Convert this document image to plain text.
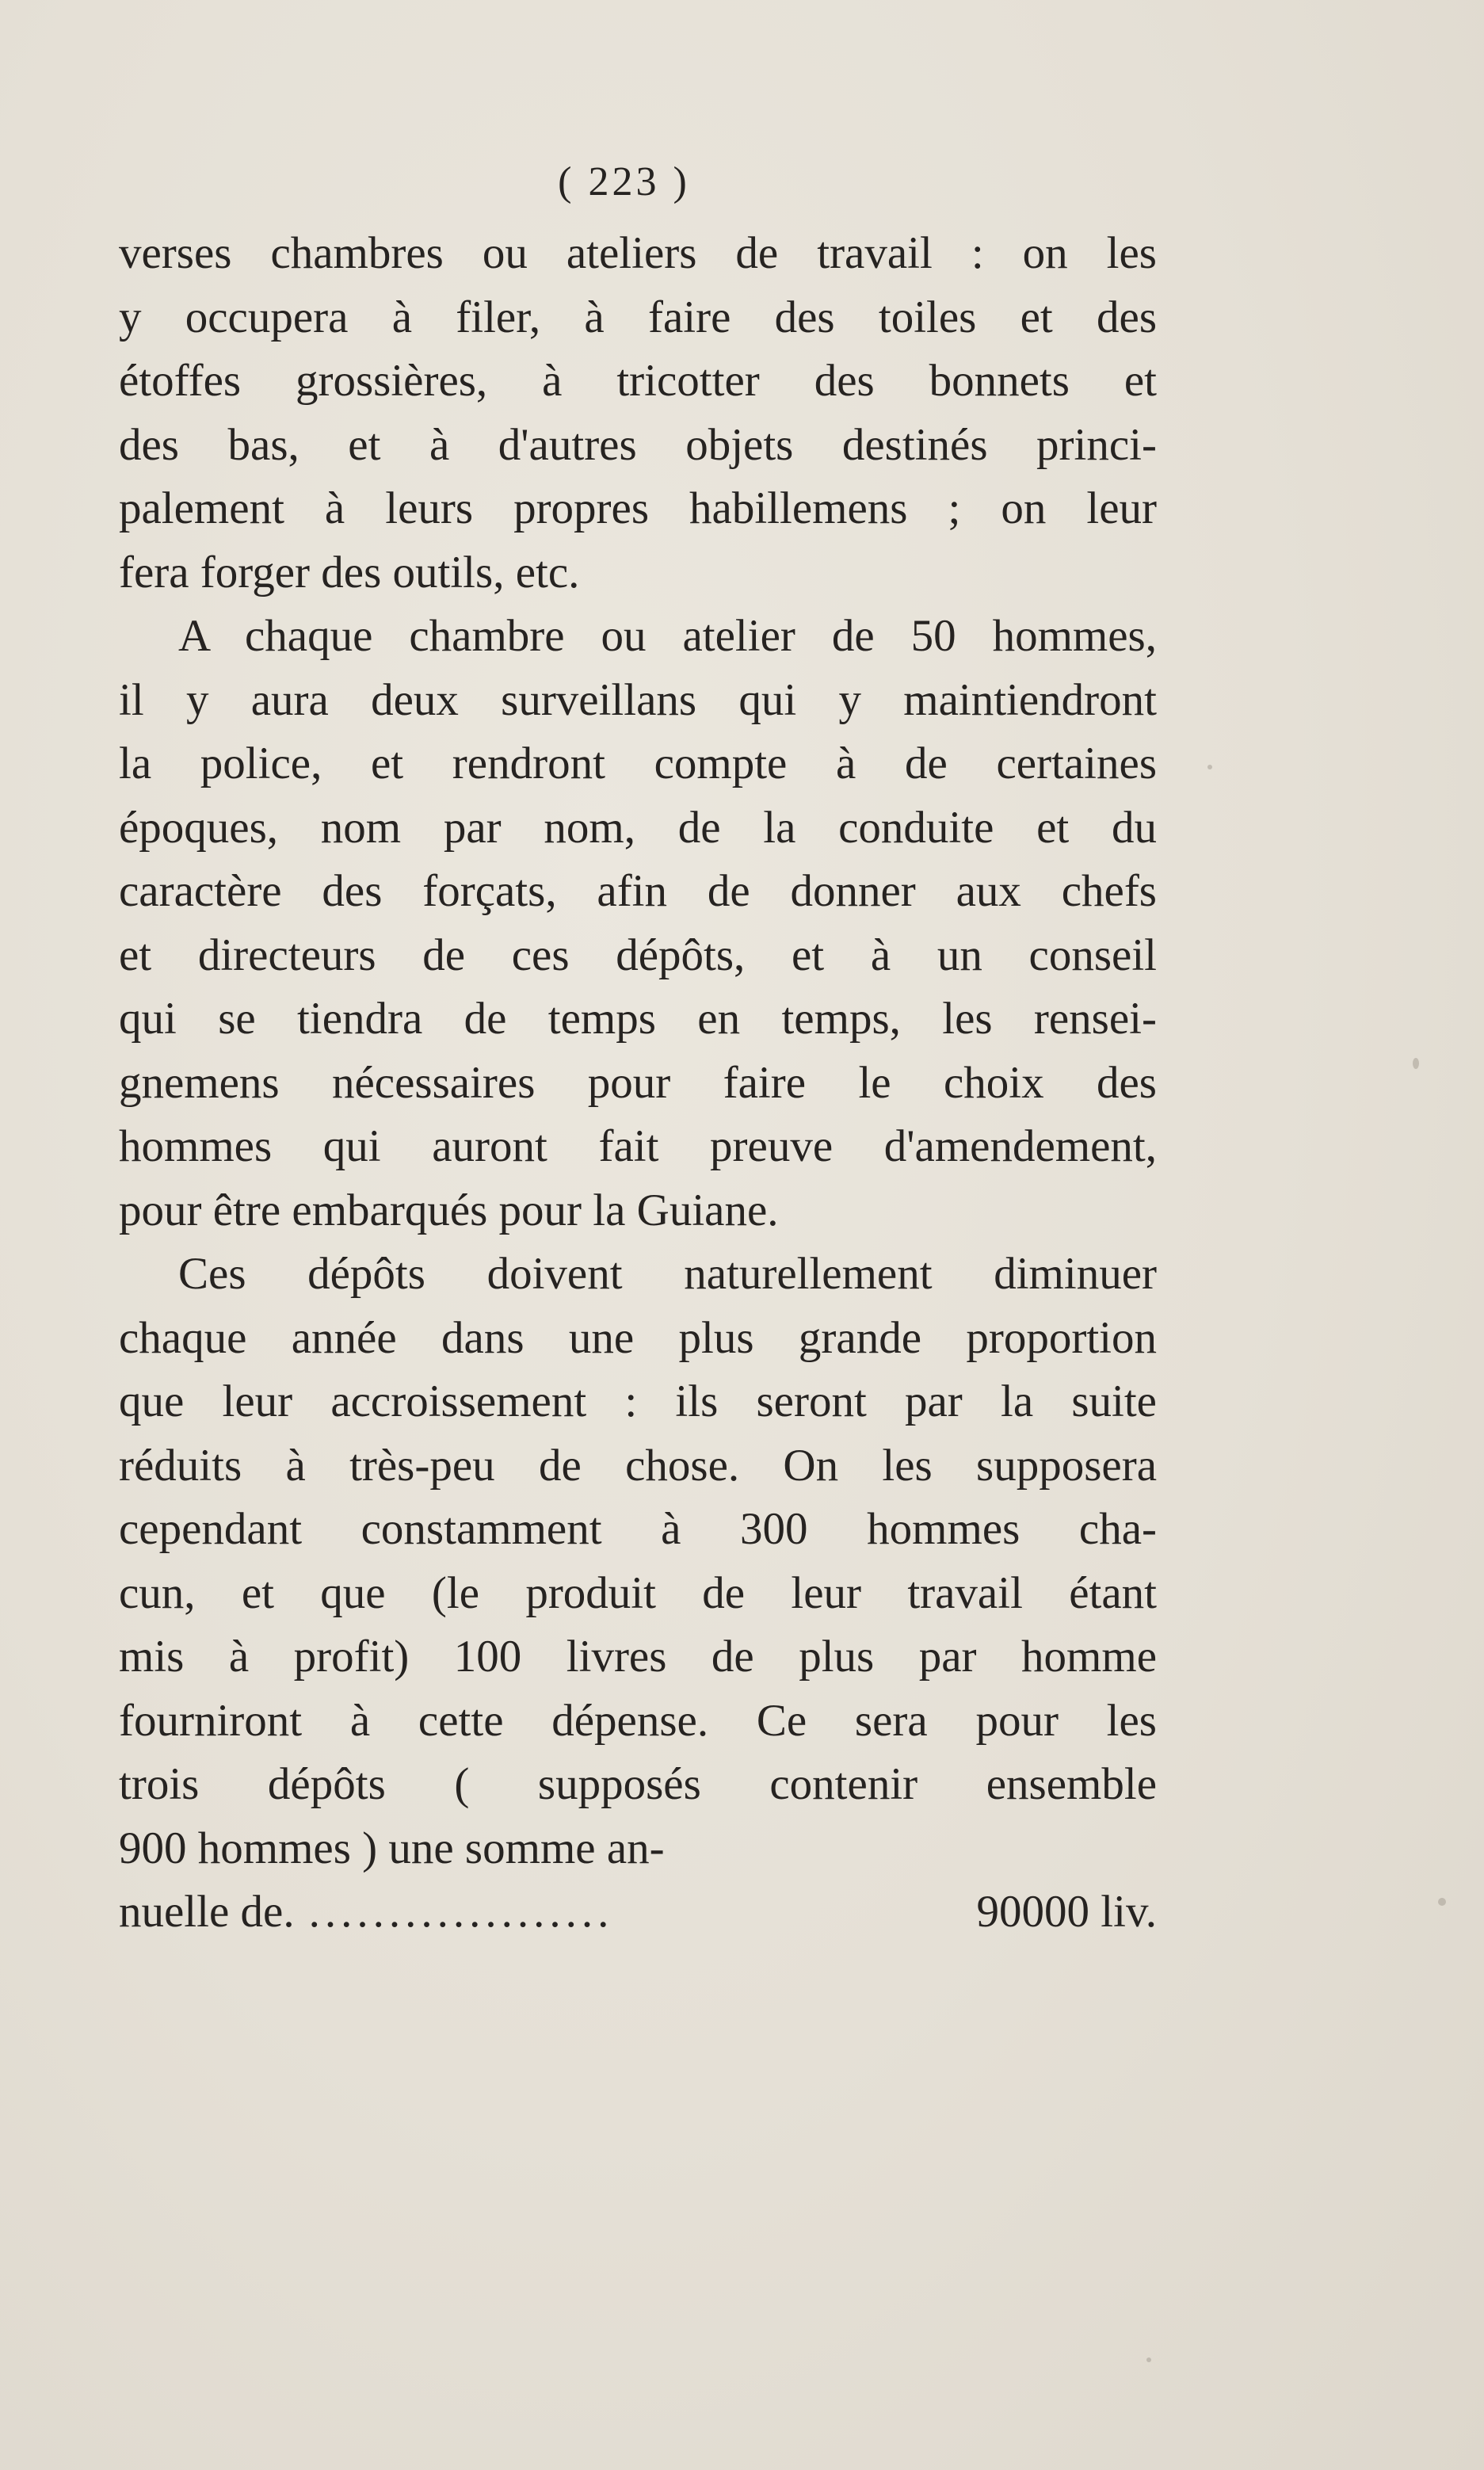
( 223 )
verses chambres ou ateliers de travail : on les
y occupera à filer, à faire des toiles et des
étoffes grossières, à tricotter des bonnets et
des bas, et à d'autres objets destinés princi-
palement à leurs propres habillemens ; on leur
fera forger des outils, etc.
A chaque chambre ou atelier de 50 hommes,
il y aura deux surveillans qui y maintiendront
la police, et rendront compte à de certaines
époques, nom par nom, de la conduite et du
caractère des forçats, afin de donner aux chefs
et directeurs de ces dépôts, et à un conseil
qui se tiendra de temps en temps, les rensei-
gnemens nécessaires pour faire le choix des
hommes qui auront fait preuve d'amendement,
pour être embarqués pour la Guiane.
Ces dépôts doivent naturellement diminuer
chaque année dans une plus grande proportion
que leur accroissement : ils seront par la suite
réduits à très-peu de chose. On les supposera
cependant constamment à 300 hommes cha-
cun, et que (le produit de leur travail étant
mis à profit) 100 livres de plus par homme
fourniront à cette dépense. Ce sera pour les
trois dépôts ( supposés contenir ensemble
900 hommes ) une somme an-
nuelle de. ...................	90000 liv.
